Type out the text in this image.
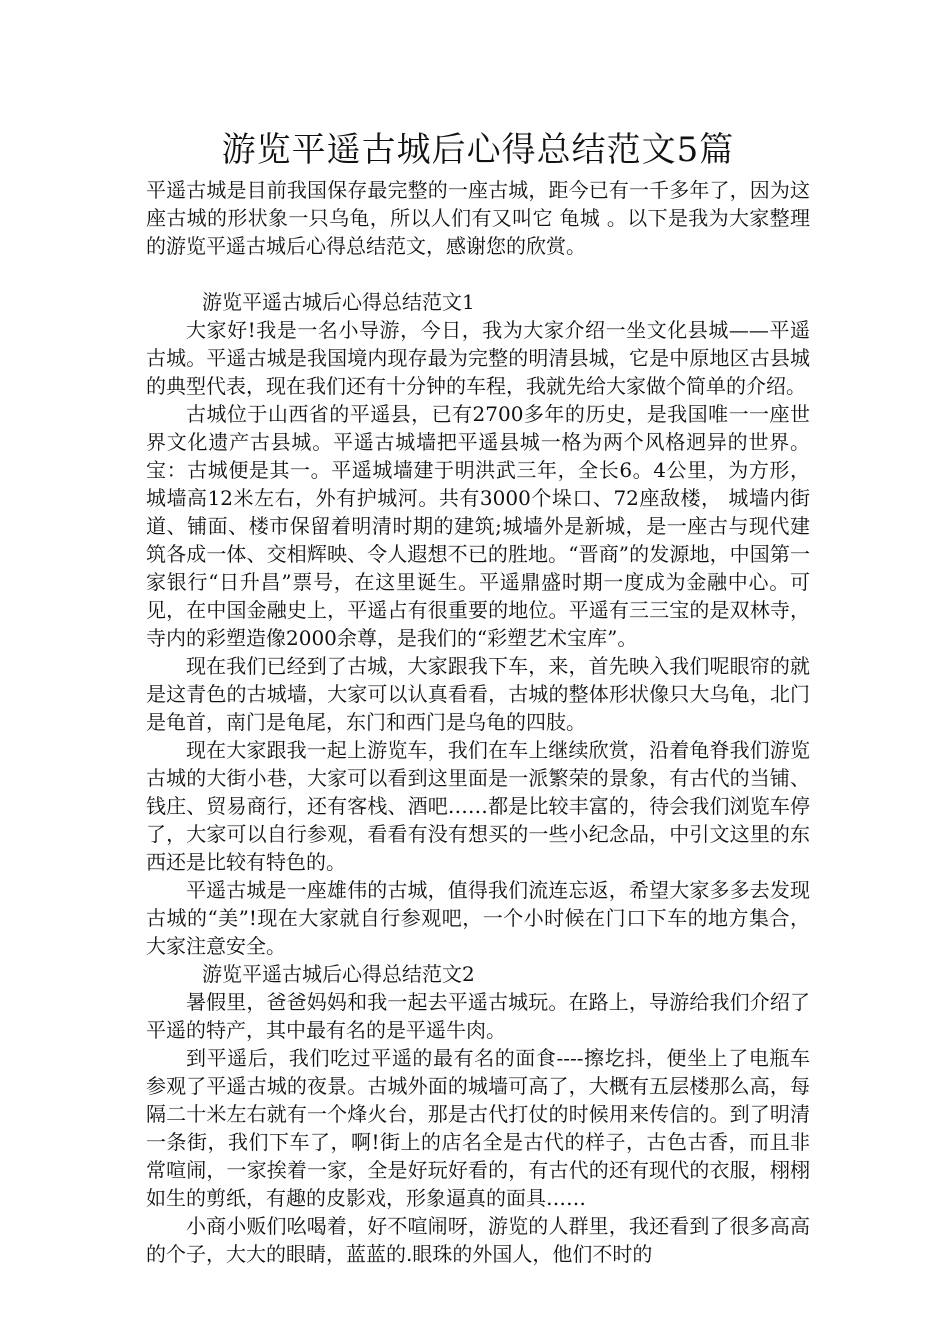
游览平遥古城后心得总结范文5篇

平遥古城是目前我国保存最完整的一座古城，距今已有一千多年了，因为这座古城的形状象一只乌龟，所以人们有又叫它 龟城 。以下是我为大家整理的游览平遥古城后心得总结范文，感谢您的欣赏。

游览平遥古城后心得总结范文1

大家好!我是一名小导游，今日，我为大家介绍一坐文化县城——平遥古城。平遥古城是我国境内现存最为完整的明清县城，它是中原地区古县城的典型代表，现在我们还有十分钟的车程，我就先给大家做个简单的介绍。

古城位于山西省的平遥县，已有2700多年的历史，是我国唯一一座世界文化遗产古县城。平遥古城墙把平遥县城一格为两个风格迥异的世界。宝：古城便是其一。平遥城墙建于明洪武三年，全长6。4公里，为方形，城墙高12米左右，外有护城河。共有3000个垛口、72座敌楼， 城墙内街道、铺面、楼市保留着明清时期的建筑;城墙外是新城，是一座古与现代建筑各成一体、交相辉映、令人遐想不已的胜地。“晋商”的发源地，中国第一家银行“日升昌”票号，在这里诞生。平遥鼎盛时期一度成为金融中心。可见，在中国金融史上，平遥占有很重要的地位。平遥有三三宝的是双林寺，寺内的彩塑造像2000余尊，是我们的“彩塑艺术宝库”。

现在我们已经到了古城，大家跟我下车，来，首先映入我们呢眼帘的就是这青色的古城墙，大家可以认真看看，古城的整体形状像只大乌龟，北门是龟首，南门是龟尾，东门和西门是乌龟的四肢。

现在大家跟我一起上游览车，我们在车上继续欣赏，沿着龟脊我们游览古城的大街小巷，大家可以看到这里面是一派繁荣的景象，有古代的当铺、钱庄、贸易商行，还有客栈、酒吧……都是比较丰富的，待会我们浏览车停了，大家可以自行参观，看看有没有想买的一些小纪念品，中引文这里的东西还是比较有特色的。

平遥古城是一座雄伟的古城，值得我们流连忘返，希望大家多多去发现古城的“美”!现在大家就自行参观吧，一个小时候在门口下车的地方集合，大家注意安全。

游览平遥古城后心得总结范文2

暑假里，爸爸妈妈和我一起去平遥古城玩。在路上，导游给我们介绍了平遥的特产，其中最有名的是平遥牛肉。

到平遥后，我们吃过平遥的最有名的面食----擦圪抖，便坐上了电瓶车参观了平遥古城的夜景。古城外面的城墙可高了，大概有五层楼那么高，每隔二十米左右就有一个烽火台，那是古代打仗的时候用来传信的。到了明清一条街，我们下车了，啊!街上的店名全是古代的样子，古色古香，而且非常喧闹，一家挨着一家，全是好玩好看的，有古代的还有现代的衣服，栩栩如生的剪纸，有趣的皮影戏，形象逼真的面具……

小商小贩们吆喝着，好不喧闹呀，游览的人群里，我还看到了很多高高的个子，大大的眼睛，蓝蓝的.眼珠的外国人，他们不时的
